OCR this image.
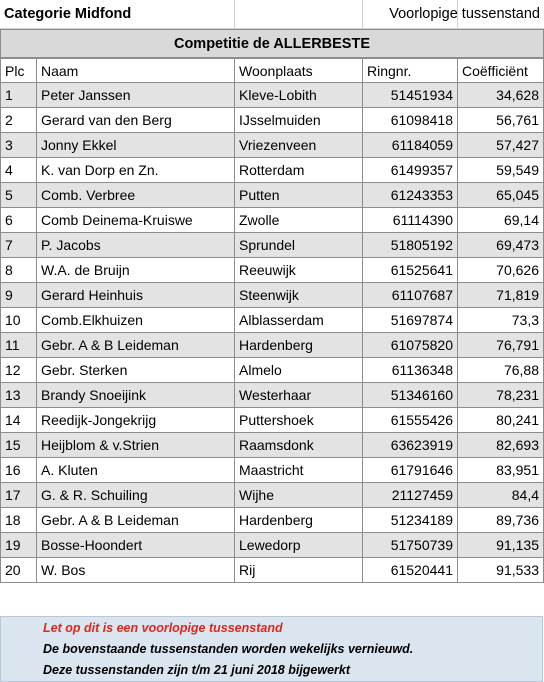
Categorie Midfond	Voorlopige tussenstand
Competitie de ALLERBESTE
Plc	Naam	Woonplaats	Ringnr.	Coëfficiënt
1	Peter Janssen	Kleve-Lobith	51451934	34,628
2	Gerard van den Berg	IJsselmuiden	61098418	56,761
3	Jonny Ekkel	Vriezenveen	61184059	57,427
4	K. van Dorp en Zn.	Rotterdam	61499357	59,549
5	Comb. Verbree	Putten	61243353	65,045
6	Comb Deinema-Kruiswe	Zwolle	61114390	69,14
7	P. Jacobs	Sprundel	51805192	69,473
8	W.A. de Bruijn	Reeuwijk	61525641	70,626
9	Gerard Heinhuis	Steenwijk	61107687	71,819
10	Comb.Elkhuizen	Alblasserdam	51697874	73,3
11	Gebr. A & B Leideman	Hardenberg	61075820	76,791
12	Gebr. Sterken	Almelo	61136348	76,88
13	Brandy Snoeijink	Westerhaar	51346160	78,231
14	Reedijk-Jongekrijg	Puttershoek	61555426	80,241
15	Heijblom & v.Strien	Raamsdonk	63623919	82,693
16	A. Kluten	Maastricht	61791646	83,951
17	G. & R. Schuiling	Wijhe	21127459	84,4
18	Gebr. A & B Leideman	Hardenberg	51234189	89,736
19	Bosse-Hoondert	Lewedorp	51750739	91,135
20	W. Bos	Rij	61520441	91,533
Let op dit is een voorlopige tussenstand
De bovenstaande tussenstanden worden wekelijks vernieuwd.
Deze tussenstanden zijn t/m 21 juni 2018 bijgewerkt
